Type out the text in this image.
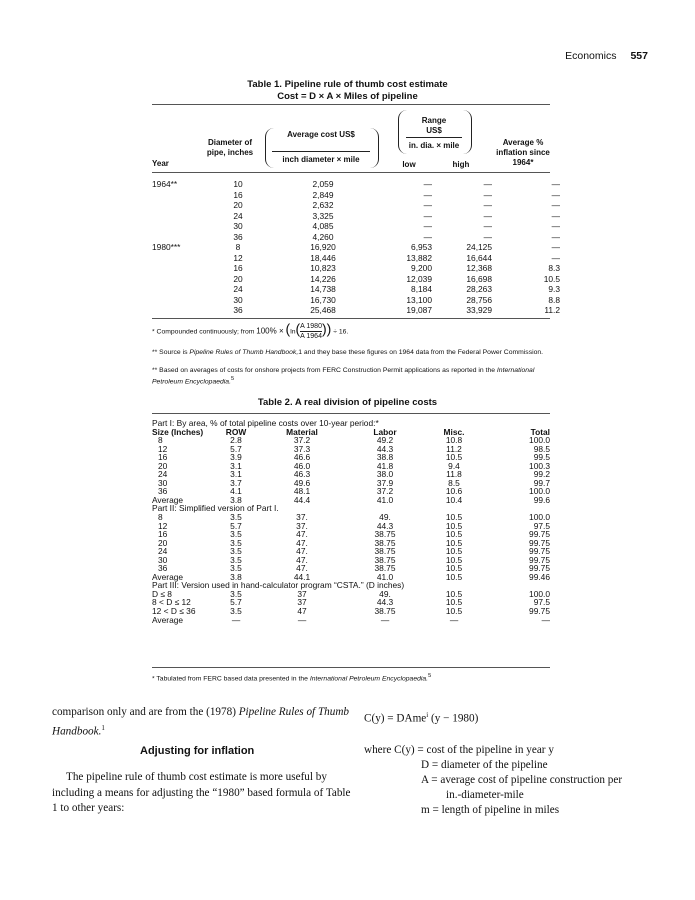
Economics 557
Table 1. Pipeline rule of thumb cost estimate
Cost = D × A × Miles of pipeline
Year
Diameter of pipe, inches
Average cost US$
inch diameter × mile
Range
US$
in. dia. × mile
low	high
Average % inflation since 1964*
1964**	10	2,059	—	—	—
	16	2,849	—	—	—
	20	2,632	—	—	—
	24	3,325	—	—	—
	30	4,085	—	—	—
	36	4,260	—	—	—
1980***	8	16,920	6,953	24,125	—
	12	18,446	13,882	16,644	—
	16	10,823	9,200	12,368	8.3
	20	14,226	12,039	16,698	10.5
	24	14,738	8,184	28,263	9.3
	30	16,730	13,100	28,756	8.8
	36	25,468	19,087	33,929	11.2
* Compounded continuously; from $100\% \times (\ln( \frac{A 1980}{A 1964}$ )) ÷ 16.
** Source is Pipeline Rules of Thumb Handbook,1 and they base these figures on 1964 data from the Federal Power Commission.
** Based on averages of costs for onshore projects from FERC Construction Permit applications as reported in the International Petroleum Encyclopaedia.$^5$
Table 2. A real division of pipeline costs
Part I: By area, % of total pipeline costs over 10-year period:*					
Size (Inches)	ROW	Material	Labor	Misc.	Total
8	2.8	37.2	49.2	10.8	100.0
12	5.7	37.3	44.3	11.2	98.5
16	3.9	46.6	38.8	10.5	99.5
20	3.1	46.0	41.8	9.4	100.3
24	3.1	46.3	38.0	11.8	99.2
30	3.7	49.6	37.9	8.5	99.7
36	4.1	48.1	37.2	10.6	100.0
Average	3.8	44.4	41.0	10.4	99.6
Part II: Simplified version of Part I.					
8	3.5	37.	49.	10.5	100.0
12	5.7	37.	44.3	10.5	97.5
16	3.5	47.	38.75	10.5	99.75
20	3.5	47.	38.75	10.5	99.75
24	3.5	47.	38.75	10.5	99.75
30	3.5	47.	38.75	10.5	99.75
36	3.5	47.	38.75	10.5	99.75
Average	3.8	44.1	41.0	10.5	99.46
Part III: Version used in hand-calculator program “CSTA.” (D inches)					
D ≤ 8	3.5	37	49.	10.5	100.0
8 < D ≤ 12	5.7	37	44.3	10.5	97.5
12 < D ≤ 36	3.5	47	38.75	10.5	99.75
Average	—	—	—	—	—
* Tabulated from FERC based data presented in the International Petroleum Encyclopaedia.$^5$
comparison only and are from the (1978) Pipeline Rules of Thumb Handbook.$^1$
Adjusting for inflation
The pipeline rule of thumb cost estimate is more useful by including a means for adjusting the “1980” based formula of Table 1 to other years:
C(y) = DAme$^i$ (y − 1980)
where C(y) = cost of the pipeline in year y
D = diameter of the pipeline
A = average cost of pipeline construction per
in.-diameter-mile
m = length of pipeline in miles
